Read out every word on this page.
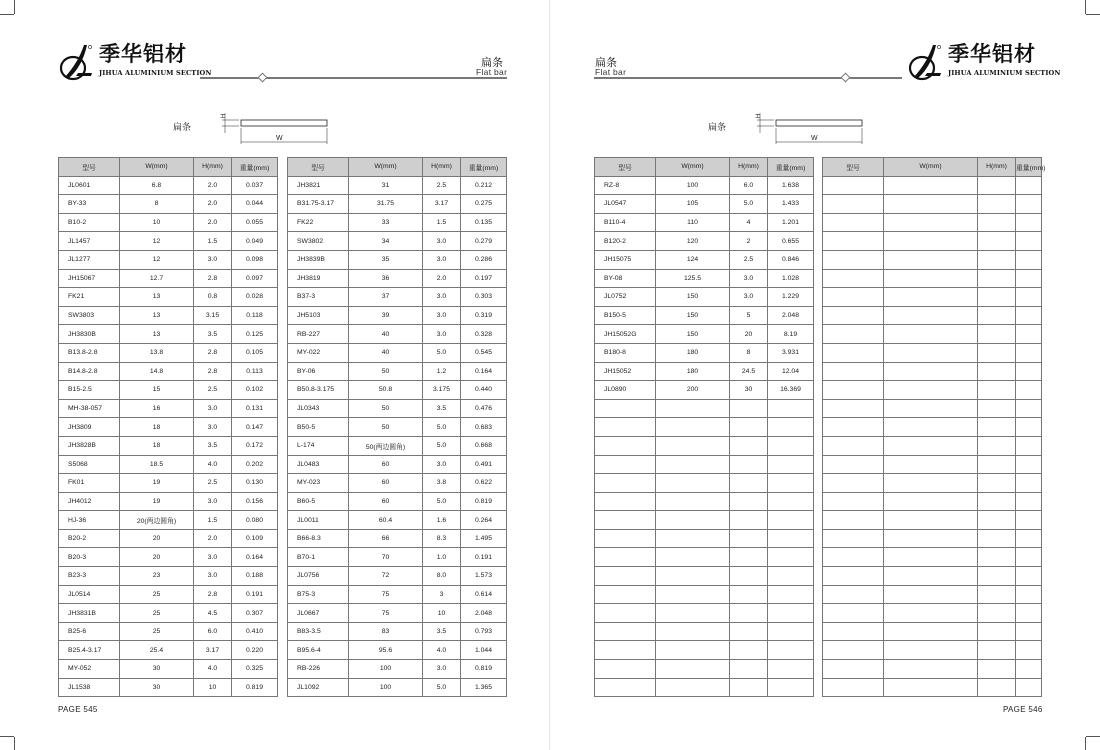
季华铝材
JIHUA ALUMINIUM SECTION
扁条
Flat bar
扁条
Flat bar
季华铝材
JIHUA ALUMINIUM SECTION
扁条
H
W
扁条
H
W
型号	W(mm)	H(mm)	重量(mm)
JL0601	6.8	2.0	0.037
BY-33	8	2.0	0.044
B10-2	10	2.0	0.055
JL1457	12	1.5	0.049
JL1277	12	3.0	0.098
JH15067	12.7	2.8	0.097
FK21	13	0.8	0.028
SW3803	13	3.15	0.118
JH3830B	13	3.5	0.125
B13.8-2.8	13.8	2.8	0.105
B14.8-2.8	14.8	2.8	0.113
B15-2.5	15	2.5	0.102
MH-38-057	16	3.0	0.131
JH3809	18	3.0	0.147
JH3828B	18	3.5	0.172
S5068	18.5	4.0	0.202
FK01	19	2.5	0.130
JH4012	19	3.0	0.156
HJ-36	20(两边圆角)	1.5	0.080
B20-2	20	2.0	0.109
B20-3	20	3.0	0.164
B23-3	23	3.0	0.188
JL0514	25	2.8	0.191
JH3831B	25	4.5	0.307
B25-6	25	6.0	0.410
B25.4-3.17	25.4	3.17	0.220
MY-052	30	4.0	0.325
JL1538	30	10	0.819
型号	W(mm)	H(mm)	重量(mm)
JH3821	31	2.5	0.212
B31.75-3.17	31.75	3.17	0.275
FK22	33	1.5	0.135
SW3802	34	3.0	0.279
JH3839B	35	3.0	0.286
JH3819	36	2.0	0.197
B37-3	37	3.0	0.303
JH5103	39	3.0	0.319
RB-227	40	3.0	0.328
MY-022	40	5.0	0.545
BY-06	50	1.2	0.164
B50.8-3.175	50.8	3.175	0.440
JL0343	50	3.5	0.476
B50-5	50	5.0	0.683
L-174	50(两边圆角)	5.0	0.668
JL0483	60	3.0	0.491
MY-023	60	3.8	0.622
B60-5	60	5.0	0.819
JL0011	60.4	1.6	0.264
B66-8.3	66	8.3	1.495
B70-1	70	1.0	0.191
JL0756	72	8.0	1.573
B75-3	75	3	0.614
JL0667	75	10	2.048
B83-3.5	83	3.5	0.793
B95.6-4	95.6	4.0	1.044
RB-226	100	3.0	0.819
JL1092	100	5.0	1.365
型号	W(mm)	H(mm)	重量(mm)
RZ-8	100	6.0	1.638
JL0547	105	5.0	1.433
B110-4	110	4	1.201
B120-2	120	2	0.655
JH15075	124	2.5	0.846
BY-08	125.5	3.0	1.028
JL0752	150	3.0	1.229
B150-5	150	5	2.048
JH15052G	150	20	8.19
B180-8	180	8	3.931
JH15052	180	24.5	12.04
JL0890	200	30	16.369

型号	W(mm)	H(mm)	重量(mm)

PAGE 545	PAGE 546
